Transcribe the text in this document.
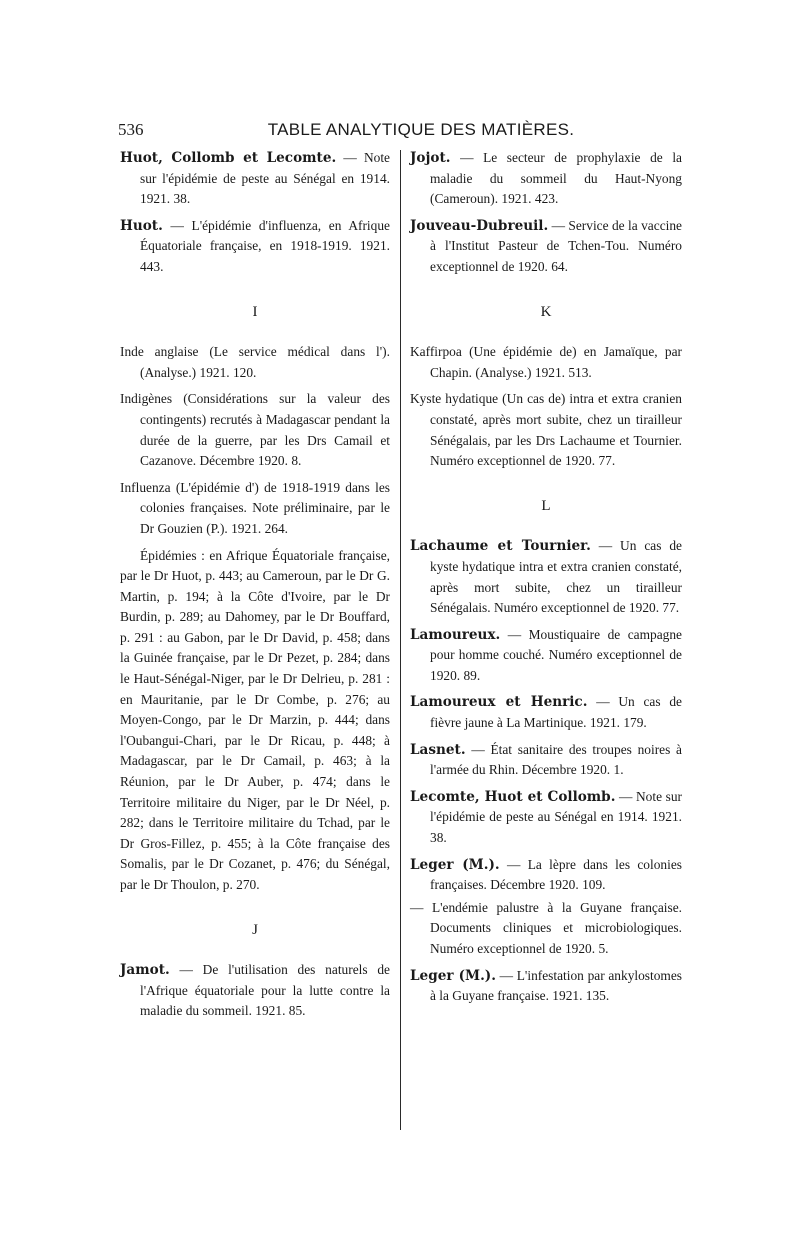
536	TABLE ANALYTIQUE DES MATIÈRES.

Huot, Collomb et Lecomte. — Note sur l'épidémie de peste au Sénégal en 1914. 1921. 38.

Huot. — L'épidémie d'influenza, en Afrique Équatoriale française, en 1918-1919. 1921. 443.

I

Inde anglaise (Le service médical dans l'). (Analyse.) 1921. 120.

Indigènes (Considérations sur la valeur des contingents) recrutés à Madagascar pendant la durée de la guerre, par les Drs Camail et Cazanove. Décembre 1920. 8.

Influenza (L'épidémie d') de 1918-1919 dans les colonies françaises. Note préliminaire, par le Dr Gouzien (P.). 1921. 264.

Épidémies : en Afrique Équatoriale française, par le Dr Huot, p. 443; au Cameroun, par le Dr G. Martin, p. 194; à la Côte d'Ivoire, par le Dr Burdin, p. 289; au Dahomey, par le Dr Bouffard, p. 291 : au Gabon, par le Dr David, p. 458; dans la Guinée française, par le Dr Pezet, p. 284; dans le Haut-Sénégal-Niger, par le Dr Delrieu, p. 281 : en Mauritanie, par le Dr Combe, p. 276; au Moyen-Congo, par le Dr Marzin, p. 444; dans l'Oubangui-Chari, par le Dr Ricau, p. 448; à Madagascar, par le Dr Camail, p. 463; à la Réunion, par le Dr Auber, p. 474; dans le Territoire militaire du Niger, par le Dr Néel, p. 282; dans le Territoire militaire du Tchad, par le Dr Gros-Fillez, p. 455; à la Côte française des Somalis, par le Dr Cozanet, p. 476; du Sénégal, par le Dr Thoulon, p. 270.

J

Jamot. — De l'utilisation des naturels de l'Afrique équatoriale pour la lutte contre la maladie du sommeil. 1921. 85.

Jojot. — Le secteur de prophylaxie de la maladie du sommeil du Haut-Nyong (Cameroun). 1921. 423.

Jouveau-Dubreuil. — Service de la vaccine à l'Institut Pasteur de Tchen-Tou. Numéro exceptionnel de 1920. 64.

K

Kaffirpoa (Une épidémie de) en Jamaïque, par Chapin. (Analyse.) 1921. 513.

Kyste hydatique (Un cas de) intra et extra cranien constaté, après mort subite, chez un tirailleur Sénégalais, par les Drs Lachaume et Tournier. Numéro exceptionnel de 1920. 77.

L

Lachaume et Tournier. — Un cas de kyste hydatique intra et extra cranien constaté, après mort subite, chez un tirailleur Sénégalais. Numéro exceptionnel de 1920. 77.

Lamoureux. — Moustiquaire de campagne pour homme couché. Numéro exceptionnel de 1920. 89.

Lamoureux et Henric. — Un cas de fièvre jaune à La Martinique. 1921. 179.

Lasnet. — État sanitaire des troupes noires à l'armée du Rhin. Décembre 1920. 1.

Lecomte, Huot et Collomb. — Note sur l'épidémie de peste au Sénégal en 1914. 1921. 38.

Leger (M.). — La lèpre dans les colonies françaises. Décembre 1920. 109.

— L'endémie palustre à la Guyane française. Documents cliniques et microbiologiques. Numéro exceptionnel de 1920. 5.

Leger (M.). — L'infestation par ankylostomes à la Guyane française. 1921. 135.
